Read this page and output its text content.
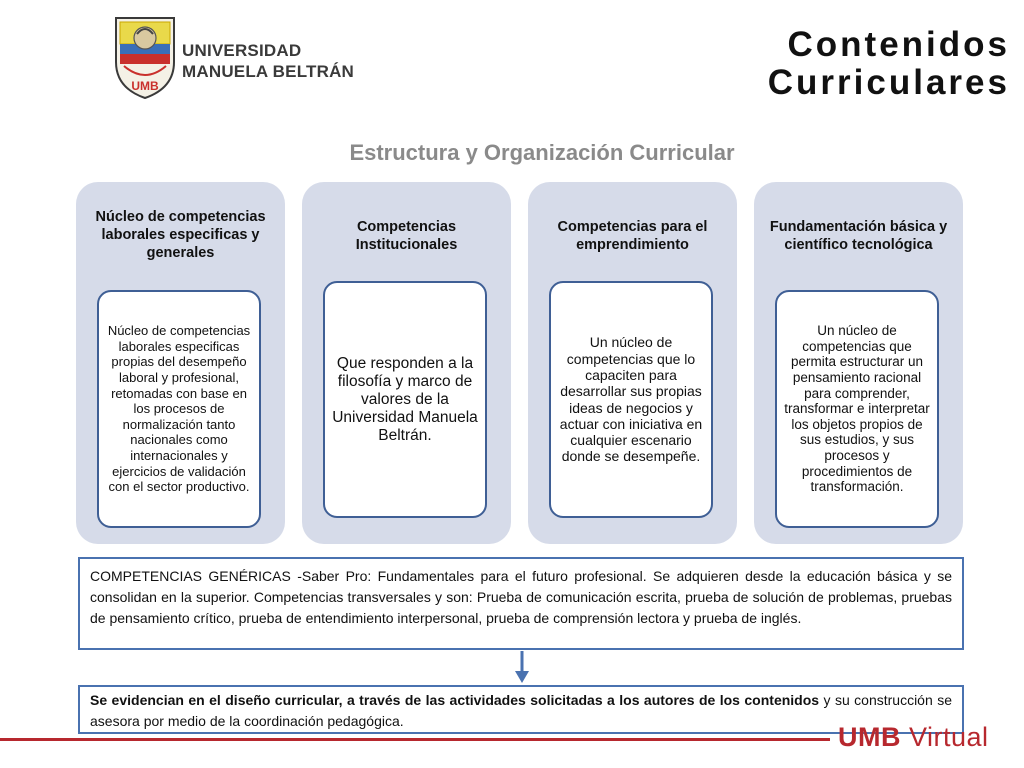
UMB
UNIVERSIDAD
MANUELA BELTRÁN
Contenidos
Curriculares
Estructura y Organización Curricular
Núcleo de competencias laborales especificas y generales
Núcleo de competencias laborales especificas propias del desempeño laboral y profesional, retomadas con base en los procesos de normalización tanto nacionales como internacionales y ejercicios de validación con el sector productivo.
Competencias Institucionales
Que responden a la filosofía y marco de valores de la Universidad Manuela Beltrán.
Competencias para el emprendimiento
Un núcleo de competencias que lo capaciten para desarrollar sus propias ideas de negocios y actuar con iniciativa en cualquier escenario donde se desempeñe.
Fundamentación básica y científico tecnológica
Un núcleo de competencias que permita estructurar un pensamiento racional para comprender, transformar e interpretar los objetos propios de sus estudios, y sus procesos y procedimientos de transformación.
COMPETENCIAS GENÉRICAS -Saber Pro: Fundamentales para el futuro profesional. Se adquieren desde la educación básica y se consolidan en la superior. Competencias transversales y son: Prueba de comunicación escrita, prueba de solución de problemas, pruebas de pensamiento crítico, prueba de entendimiento interpersonal, prueba de comprensión lectora y prueba de inglés.
Se evidencian en el diseño curricular, a través de las actividades solicitadas a los autores de los contenidos y su construcción se asesora por medio de la coordinación pedagógica.
UMB Virtual
